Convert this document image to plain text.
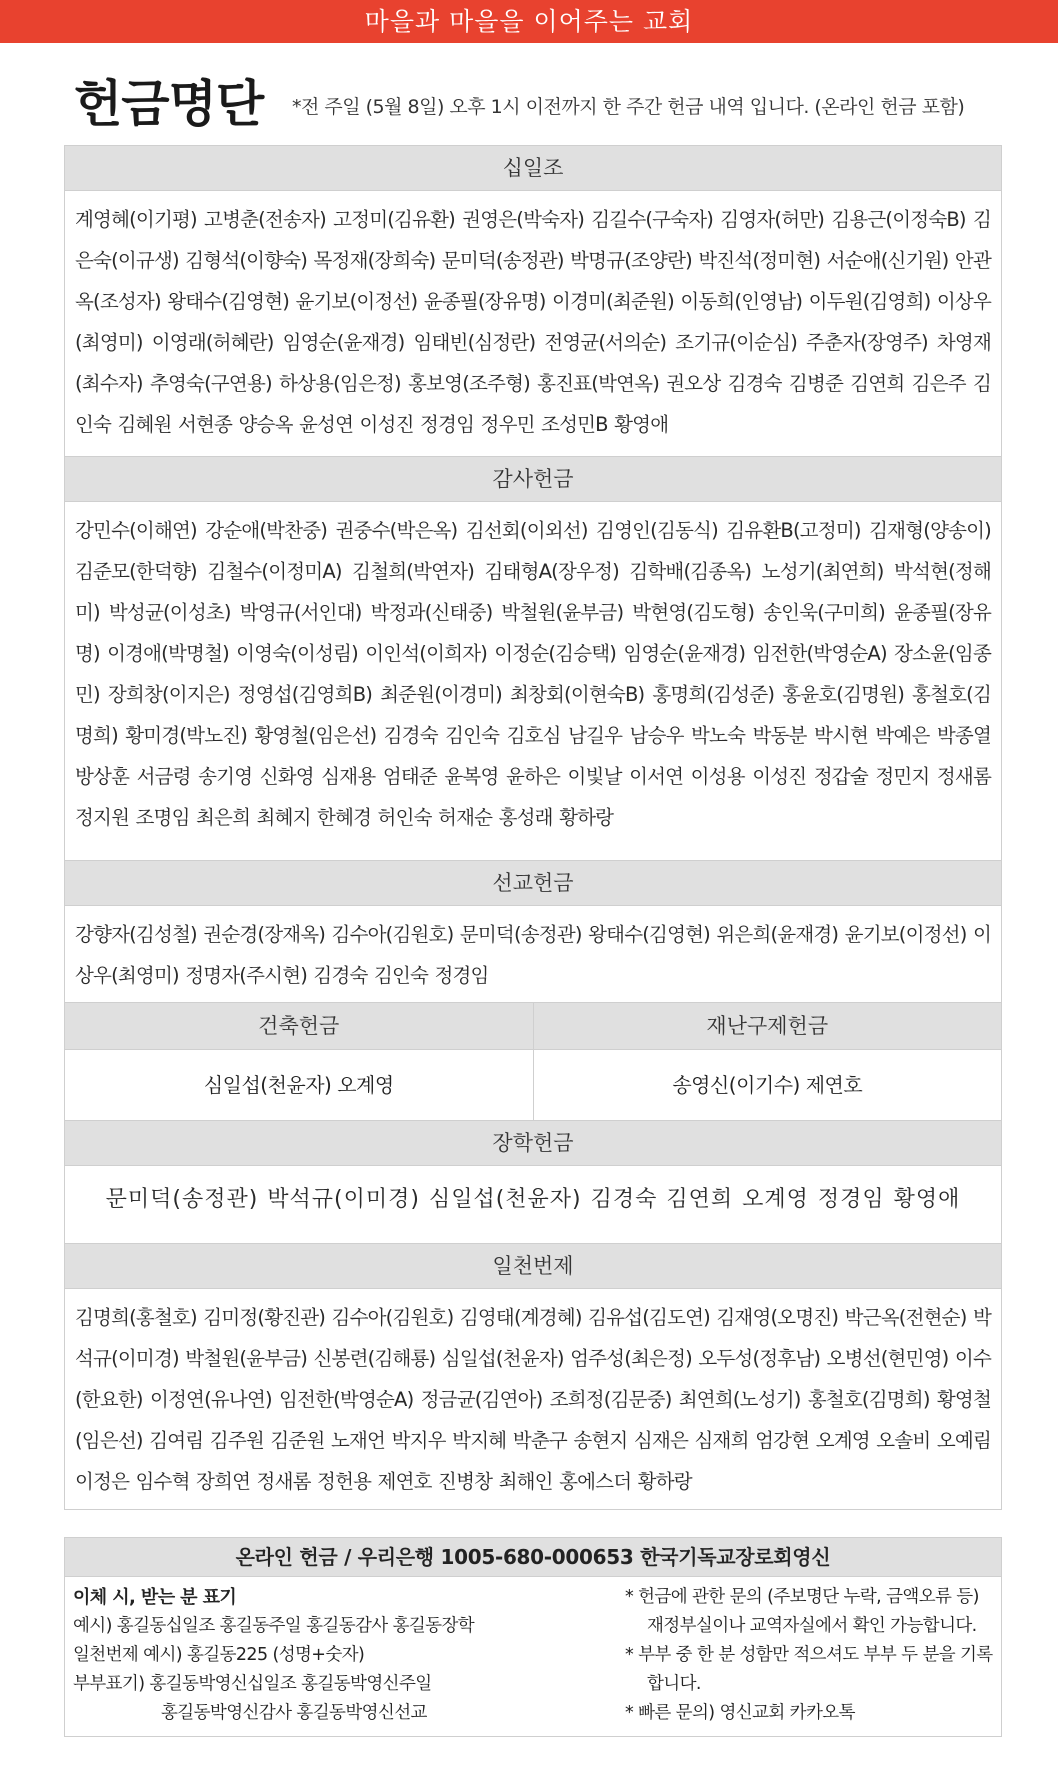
마을과 마을을 이어주는 교회
헌금명단 *전 주일 (5월 8일) 오후 1시 이전까지 한 주간 헌금 내역 입니다. (온라인 헌금 포함)
십일조
계영혜(이기평) 고병춘(전송자) 고정미(김유환) 권영은(박숙자) 김길수(구숙자) 김영자(허만) 김용근(이정숙B) 김은숙(이규생) 김형석(이향숙) 목정재(장희숙) 문미덕(송정관) 박명규(조양란) 박진석(정미현) 서순애(신기원) 안관옥(조성자) 왕태수(김영현) 윤기보(이정선) 윤종필(장유명) 이경미(최준원) 이동희(인영남) 이두원(김영희) 이상우(최영미) 이영래(허혜란) 임영순(윤재경) 임태빈(심정란) 전영균(서의순) 조기규(이순심) 주춘자(장영주) 차영재(최수자) 추영숙(구연용) 하상용(임은정) 홍보영(조주형) 홍진표(박연옥) 권오상 김경숙 김병준 김연희 김은주 김인숙 김혜원 서현종 양승옥 윤성연 이성진 정경임 정우민 조성민B 황영애
감사헌금
강민수(이해연) 강순애(박찬중) 권중수(박은옥) 김선회(이외선) 김영인(김동식) 김유환B(고정미) 김재형(양송이) 김준모(한덕향) 김철수(이정미A) 김철희(박연자) 김태형A(장우정) 김학배(김종옥) 노성기(최연희) 박석현(정해미) 박성균(이성초) 박영규(서인대) 박정과(신태중) 박철원(윤부금) 박현영(김도형) 송인욱(구미희) 윤종필(장유명) 이경애(박명철) 이영숙(이성림) 이인석(이희자) 이정순(김승택) 임영순(윤재경) 임전한(박영순A) 장소윤(임종민) 장희창(이지은) 정영섭(김영희B) 최준원(이경미) 최창회(이현숙B) 홍명희(김성준) 홍윤호(김명원) 홍철호(김명희) 황미경(박노진) 황영철(임은선) 김경숙 김인숙 김호심 남길우 남승우 박노숙 박동분 박시현 박예은 박종열 방상훈 서금령 송기영 신화영 심재용 엄태준 윤복영 윤하은 이빛날 이서연 이성용 이성진 정갑술 정민지 정새롬 정지원 조명임 최은희 최혜지 한혜경 허인숙 허재순 홍성래 황하랑
선교헌금
강향자(김성철) 권순경(장재옥) 김수아(김원호) 문미덕(송정관) 왕태수(김영현) 위은희(윤재경) 윤기보(이정선) 이상우(최영미) 정명자(주시현) 김경숙 김인숙 정경임
건축헌금
심일섭(천윤자) 오계영
재난구제헌금
송영신(이기수) 제연호
장학헌금
문미덕(송정관) 박석규(이미경) 심일섭(천윤자) 김경숙 김연희 오계영 정경임 황영애
일천번제
김명희(홍철호) 김미정(황진관) 김수아(김원호) 김영태(계경혜) 김유섭(김도연) 김재영(오명진) 박근옥(전현순) 박석규(이미경) 박철원(윤부금) 신봉련(김해룡) 심일섭(천윤자) 엄주성(최은정) 오두성(정후남) 오병선(현민영) 이수(한요한) 이정연(유나연) 임전한(박영순A) 정금균(김연아) 조희정(김문중) 최연희(노성기) 홍철호(김명희) 황영철(임은선) 김여림 김주원 김준원 노재언 박지우 박지혜 박춘구 송현지 심재은 심재희 엄강현 오계영 오솔비 오예림 이정은 임수혁 장희연 정새롬 정헌용 제연호 진병창 최해인 홍에스더 황하랑
온라인 헌금 / 우리은행 1005-680-000653 한국기독교장로회영신
이체 시, 받는 분 표기
예시) 홍길동십일조 홍길동주일 홍길동감사 홍길동장학
일천번제 예시) 홍길동225 (성명+숫자)
부부표기) 홍길동박영신십일조 홍길동박영신주일
홍길동박영신감사 홍길동박영신선교
* 헌금에 관한 문의 (주보명단 누락, 금액오류 등) 재정부실이나 교역자실에서 확인 가능합니다.
* 부부 중 한 분 성함만 적으셔도 부부 두 분을 기록합니다.
* 빠른 문의) 영신교회 카카오톡
